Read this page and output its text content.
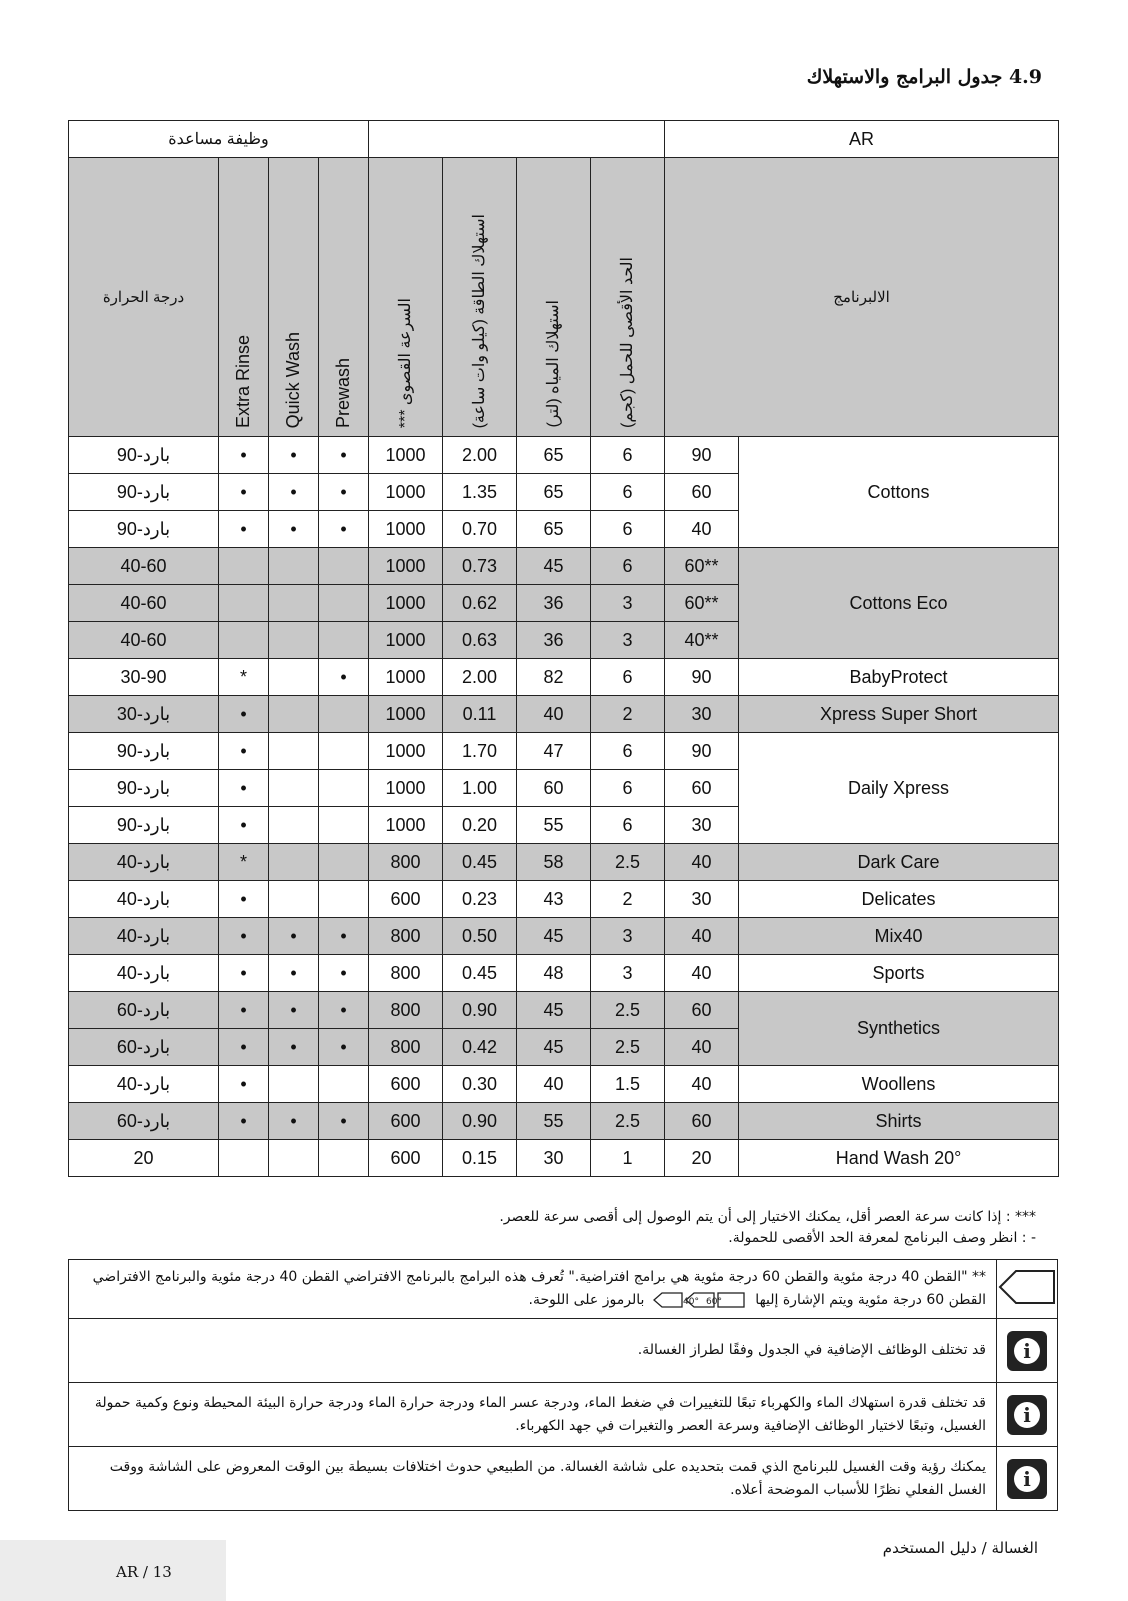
4.9 جدول البرامج والاستهلاك
وظيفة مساعدة								AR	
درجة الحرارة	Extra Rinse	Quick Wash	Prewash	*** السرعة القصوى	استهلاك الطاقة (كيلو وات ساعة)	استهلاك المياه (لتر)	الحد الأقصى للحمل (كجم)	الالبرنامج	
بارد-90	•	•	•	1000	2.00	65	6	90	Cottons
بارد-90	•	•	•	1000	1.35	65	6	60	
بارد-90	•	•	•	1000	0.70	65	6	40	
40-60				1000	0.73	45	6	60**	Cottons Eco
40-60				1000	0.62	36	3	60**	
40-60				1000	0.63	36	3	40**	
30-90	*		•	1000	2.00	82	6	90	BabyProtect
بارد-30	•			1000	0.11	40	2	30	Xpress Super Short
بارد-90	•			1000	1.70	47	6	90	Daily Xpress
بارد-90	•			1000	1.00	60	6	60	
بارد-90	•			1000	0.20	55	6	30	
بارد-40	*			800	0.45	58	2.5	40	Dark Care
بارد-40	•			600	0.23	43	2	30	Delicates
بارد-40	•	•	•	800	0.50	45	3	40	Mix40
بارد-40	•	•	•	800	0.45	48	3	40	Sports
بارد-60	•	•	•	800	0.90	45	2.5	60	Synthetics
بارد-60	•	•	•	800	0.42	45	2.5	40	
بارد-40	•			600	0.30	40	1.5	40	Woollens
بارد-60	•	•	•	600	0.90	55	2.5	60	Shirts
20				600	0.15	30	1	20	Hand Wash 20°
*** : إذا كانت سرعة العصر أقل، يمكنك الاختيار إلى أن يتم الوصول إلى أقصى سرعة للعصر.
- : انظر وصف البرنامج لمعرفة الحد الأقصى للحمولة.
** "القطن 40 درجة مئوية والقطن 60 درجة مئوية هي برامج افتراضية." تُعرف هذه البرامج بالبرنامج الافتراضي القطن 40 درجة مئوية والبرنامج الافتراضي
القطن 60 درجة مئوية ويتم الإشارة إليها
40° 60°
بالرموز على اللوحة.

قد تختلف الوظائف الإضافية في الجدول وفقًا لطراز الغسالة.	i

قد تختلف قدرة استهلاك الماء والكهرباء تبعًا للتغييرات في ضغط الماء، ودرجة عسر الماء ودرجة حرارة الماء ودرجة حرارة البيئة المحيطة ونوع وكمية حمولة الغسيل، وتبعًا لاختيار الوظائف الإضافية وسرعة العصر والتغيرات في جهد الكهرباء.	i

يمكنك رؤية وقت الغسيل للبرنامج الذي قمت بتحديده على شاشة الغسالة. من الطبيعي حدوث اختلافات بسيطة بين الوقت المعروض على الشاشة ووقت الغسل الفعلي نظرًا للأسباب الموضحة أعلاه.	i
AR / 13
الغسالة / دليل المستخدم
